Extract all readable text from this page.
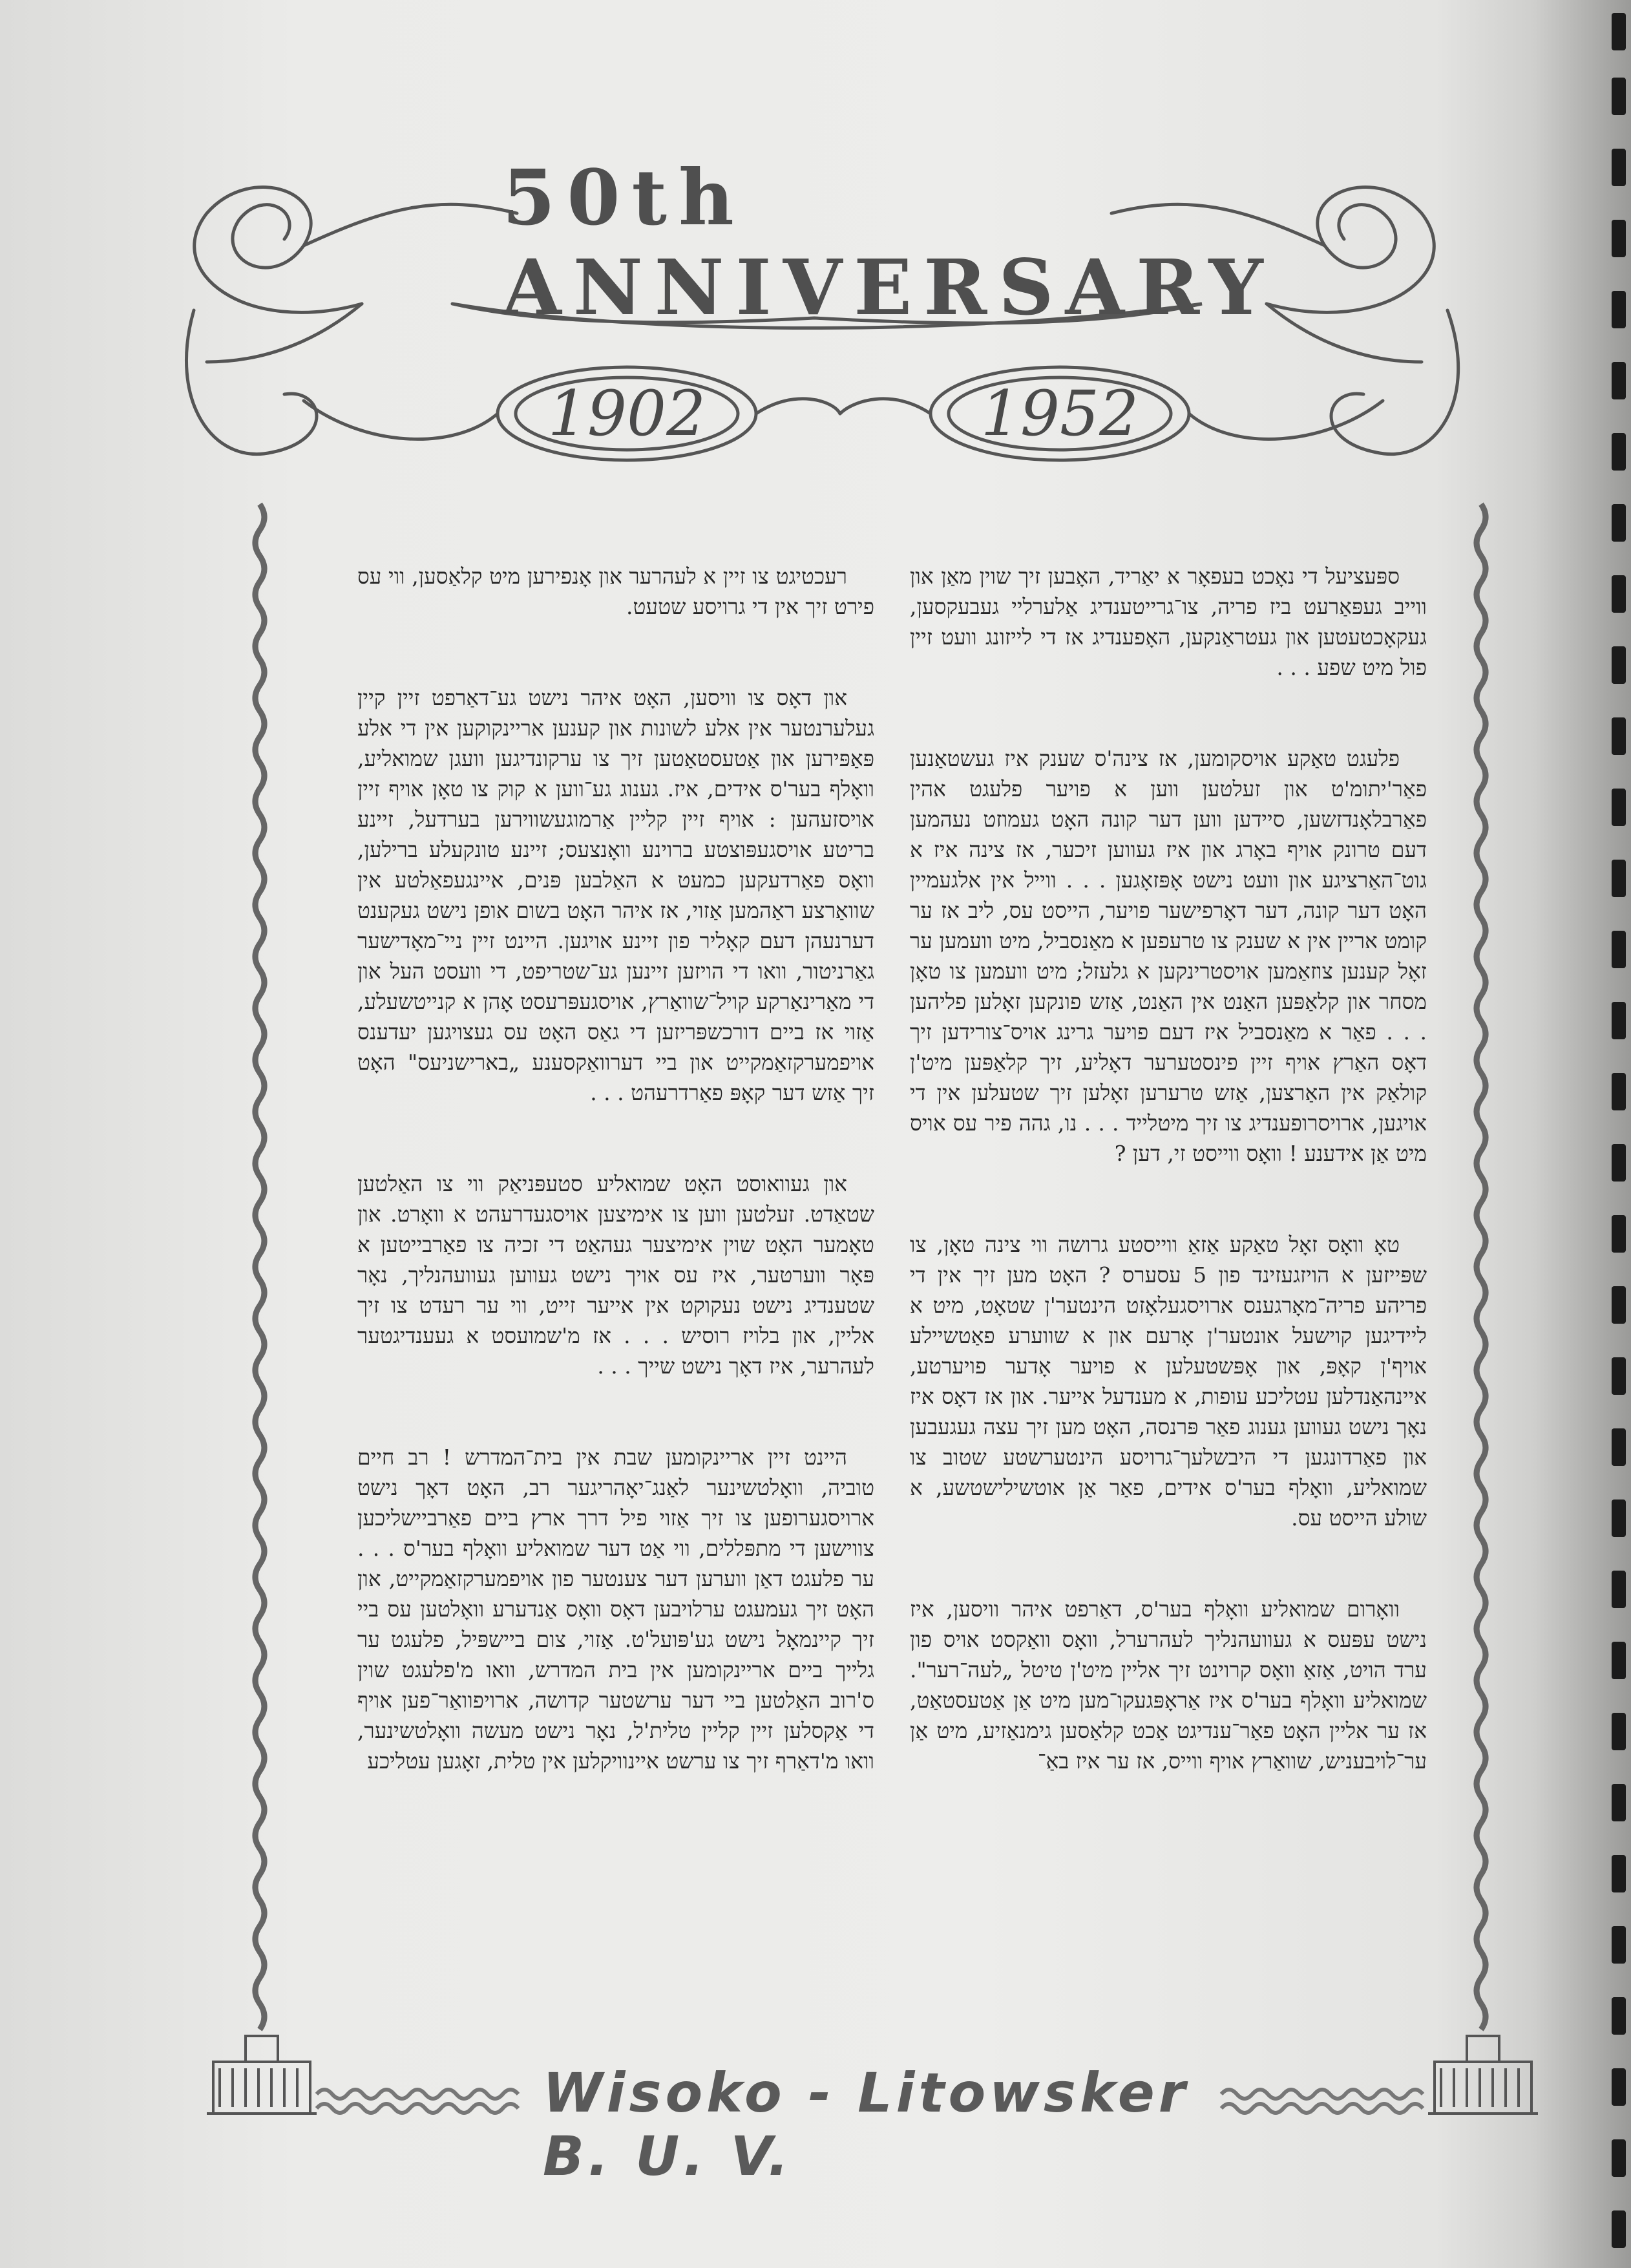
50th ANNIVERSARY
1902	1952

ספּעציעל די נאָכט בעפאָר א יאַריד, האָבען זיך שוין מאַן און ווייב געפּאַרעט ביז פריה, צו־גרייטענדיג אַלערליי געבעקסען, געקאָכטעטען און געטראַנקען, האָפענדיג אז די לייזונג וועט זיין פול מיט שפע . . .

פלעגט טאַקע אויסקומען, אז צינה'ס שענק איז געשטאַנען פאַר'יתומ'ט און זעלטען ווען א פויער פלעגט אהין פאַרבלאָנדזשען, סיידען ווען דער קונה האָט געמוזט נעהמען דעם טרונק אויף באָרג און איז געווען זיכער, אז צינה איז א גוט־האַרציגע און וועט נישט אָפּזאָגען . . . ווייל אין אלגעמיין האָט דער קונה, דער דאָרפישער פויער, הייסט עס, ליב אז ער קומט אריין אין א שענק צו טרעפען א מאַנסביל, מיט וועמען ער זאָל קענען צוזאַמען אויסטרינקען א גלעזל; מיט וועמען צו טאָן מסחר און קלאַפּען האַנט אין האַנט, אַזש פונקען זאָלען פליהען . . . פאַר א מאַנסביל איז דעם פויער גרינג אויס־צורידען זיך דאָס האַרץ אויף זיין פינסטערער דאָליע, זיך קלאַפּען מיט'ן קולאַק אין האַרצען, אַזש טרערען זאָלען זיך שטעלען אין די אויגען, ארויסרופענדיג צו זיך מיטלייד . . . נו, גהה פיר עס אויס מיט אַן אידענע ! וואָס ווייסט זי, דען ?

טאָ וואָס זאָל טאַקע אַזאַ ווייסטע גרושה ווי צינה טאָן, צו שפּייזען א הויזגעזינד פון 5 עסערס ? האָט מען זיך אין די פריהע פריה־מאָרגענס ארויסגעלאָזט הינטער'ן שטאָט, מיט א ליידיגען קוישעל אונטער'ן אָרעם און א שווערע פאַטשיילע אויף'ן קאָפּ, און אָפּשטעלען א פויער אָדער פויערטע, איינהאַנדלען עטליכע עופות, א מענדעל אייער. און אז דאָס איז נאָך נישט געווען גענוג פאַר פּרנסה, האָט מען זיך עצה געגעבען און פאַרדונגען די היבשלעך־גרויסע הינטערשטע שטוב צו שמואליע, וואָלף בער'ס אידים, פאַר אַן אוטשילישטשע, א שולע הייסט עס.

וואָרום שמואליע וואָלף בער'ס, דאַרפט איהר וויסען, איז נישט עפּעס א געוועהנליך לעהרערל, וואָס וואַקסט אויס פון ערד הויט, אַזאַ וואָס קרוינט זיך אליין מיט'ן טיטל „לעה־רער". שמואליע וואָלף בער'ס איז אַראָפּגעקו־מען מיט אַן אַטעסטאַט, אז ער אליין האָט פאַר־ענדיגט אַכט קלאַסען גימנאַזיע, מיט אַן ער־לויבעניש, שוואַרץ אויף ווייס, אז ער איז באַ־

רעכטיגט צו זיין א לעהרער און אָנפירען מיט קלאַסען, ווי עס פירט זיך אין די גרויסע שטעט.

און דאָס צו וויסען, האָט איהר נישט גע־דאַרפט זיין קיין געלערנטער אין אלע לשונות און קענען אריינקוקען אין די אלע פּאַפּירען און אַטעסטאַטען זיך צו ערקונדיגען וועגן שמואליע, וואָלף בער'ס אידים, איז. גענוג גע־ווען א קוק צו טאָן אויף זיין אויסזעהען : אויף זיין קליין אַרמוגעשווירען בערדעל, זיינע בריטע אויסגעפּוצטע ברוינע וואָנצעס; זיינע טונקעלע ברילען, וואָס פאַרדעקען כמעט א האַלבען פּנים, איינגעפאַלטע אין שוואַרצע ראַהמען אַזוי, אז איהר האָט בשום אופן נישט געקענט דערנעהן דעם קאָליר פון זיינע אויגען. היינט זיין ניי־מאָדישער גאַרניטור, וואו די הויזען זיינען גע־שטריפט, די וועסט העל און די מאַרינאַרקע קויל־שוואַרץ, אויסגעפּרעסט אָהן א קנייטשעלע, אַזוי אז ביים דורכשפּריזען די גאַס האָט עס געצויגען יעדענס אויפמערקזאַמקייט און ביי דערוואַקסענע „בארישניעס" האָט זיך אַזש דער קאָפּ פאַרדרעהט . . .

און געוואוסט האָט שמואליע סטעפּניאַק ווי צו האַלטען שטאַדט. זעלטען ווען צו אימיצען אויסגעדרעהט א וואָרט. און טאָמער האָט שוין אימיצער געהאַט די זכיה צו פאַרבייטען א פּאָר ווערטער, איז עס אויך נישט געווען געוועהנליך, נאָר שטענדיג נישט נעקוקט אין אייער זייט, ווי ער רעדט צו זיך אליין, און בלויז רוסיש . . . אז מ'שמועסט א געענדיגטער לעהרער, איז דאָך נישט שייך . . .

היינט זיין אריינקומען שבת אין בית־המדרש ! רב חיים טוביה, וואָלטשינער לאַנג־יאָהריגער רב, האָט דאָך נישט ארויסגערופען צו זיך אַזוי פיל דרך ארץ ביים פאַרביישליכען צווישען די מתפּללים, ווי אַט דער שמואליע וואָלף בער'ס . . . ער פלעגט דאַן ווערען דער צענטער פון אויפמערקזאַמקייט, און האָט זיך געמעגט ערלויבען דאָס וואָס אַנדערע וואָלטען עס ביי זיך קיינמאָל נישט גע'פּועל'ט. אַזוי, צום ביישפּיל, פלעגט ער גלייך ביים אריינקומען אין בית המדרש, וואו מ'פלעגט שוין ס'רוב האַלטען ביי דער ערשטער קדושה, ארויפוואַר־פען אויף די אַקסלען זיין קליין טלית'ל, נאָר נישט מעשה וואָלטשינער, וואו מ'דאַרף זיך צו ערשט איינוויקלען אין טלית, זאָגען עטליכע

Wisoko - Litowsker B. U. V.
